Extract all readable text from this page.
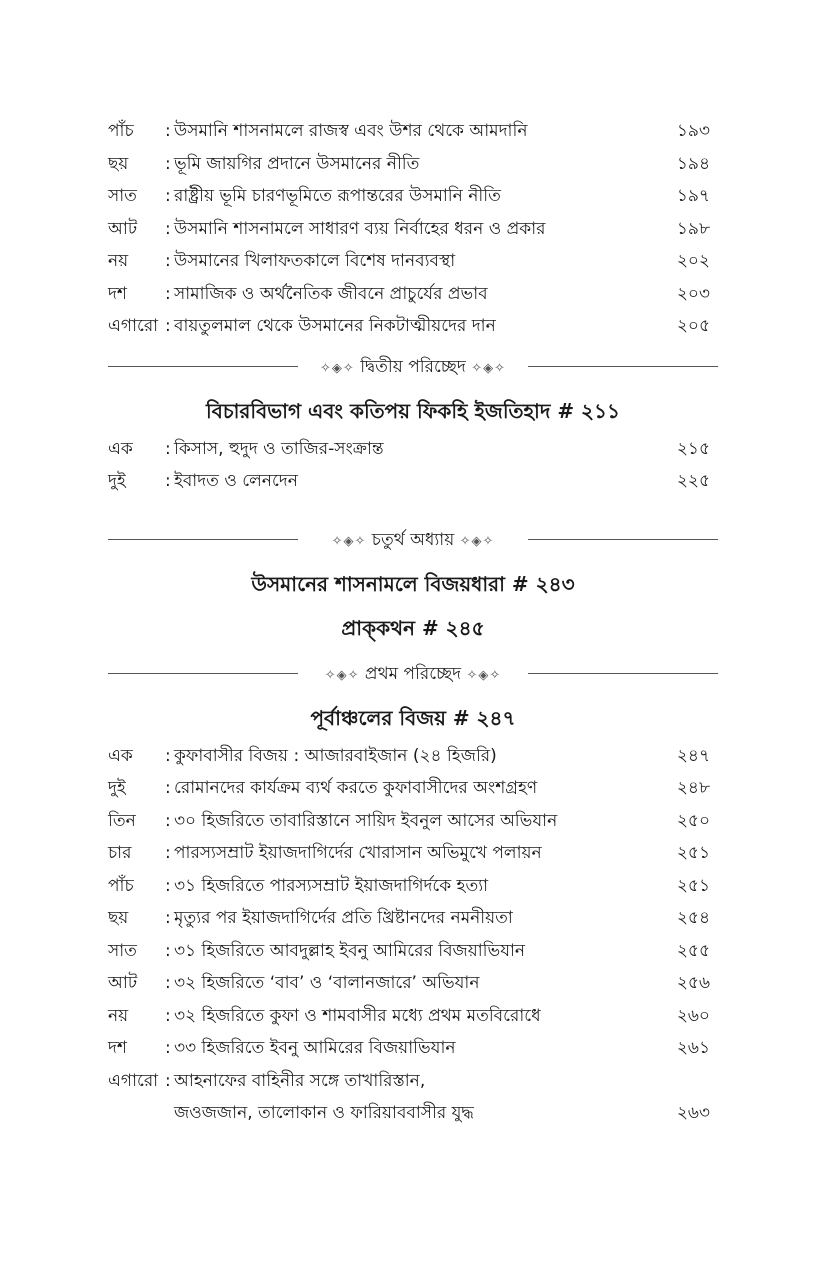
পাঁচ : উসমানি শাসনামলে রাজস্ব এবং উশর থেকে আমদানি	১৯৩
ছয় : ভূমি জায়গির প্রদানে উসমানের নীতি	১৯৪
সাত : রাষ্ট্রীয় ভূমি চারণভূমিতে রূপান্তরের উসমানি নীতি	১৯৭
আট : উসমানি শাসনামলে সাধারণ ব্যয় নির্বাহের ধরন ও প্রকার	১৯৮
নয় : উসমানের খিলাফতকালে বিশেষ দানব্যবস্থা	২০২
দশ : সামাজিক ও অর্থনৈতিক জীবনে প্রাচুর্যের প্রভাব	২০৩
এগারো : বায়তুলমাল থেকে উসমানের নিকটাত্মীয়দের দান	২০৫
✧◈✧ দ্বিতীয় পরিচ্ছেদ ✧◈✧
বিচারবিভাগ এবং কতিপয় ফিকহি ইজতিহাদ # ২১১
এক : কিসাস, হুদুদ ও তাজির-সংক্রান্ত	২১৫
দুই : ইবাদত ও লেনদেন	২২৫
✧◈✧ চতুর্থ অধ্যায় ✧◈✧
উসমানের শাসনামলে বিজয়ধারা # ২৪৩
প্রাক্‌কথন # ২৪৫
✧◈✧ প্রথম পরিচ্ছেদ ✧◈✧
পূর্বাঞ্চলের বিজয় # ২৪৭
এক : কুফাবাসীর বিজয় : আজারবাইজান (২৪ হিজরি)	২৪৭
দুই : রোমানদের কার্যক্রম ব্যর্থ করতে কুফাবাসীদের অংশগ্রহণ	২৪৮
তিন : ৩০ হিজরিতে তাবারিস্তানে সায়িদ ইবনুল আসের অভিযান	২৫০
চার : পারস্যসম্রাট ইয়াজদাগির্দের খোরাসান অভিমুখে পলায়ন	২৫১
পাঁচ : ৩১ হিজরিতে পারস্যসম্রাট ইয়াজদাগির্দকে হত্যা	২৫১
ছয় : মৃত্যুর পর ইয়াজদাগির্দের প্রতি খ্রিষ্টানদের নমনীয়তা	২৫৪
সাত : ৩১ হিজরিতে আবদুল্লাহ ইবনু আমিরের বিজয়াভিযান	২৫৫
আট : ৩২ হিজরিতে ‘বাব’ ও ‘বালানজারে’ অভিযান	২৫৬
নয় : ৩২ হিজরিতে কুফা ও শামবাসীর মধ্যে প্রথম মতবিরোধে	২৬০
দশ : ৩৩ হিজরিতে ইবনু আমিরের বিজয়াভিযান	২৬১
এগারো : আহনাফের বাহিনীর সঙ্গে তাখারিস্তান,
জওজজান, তালোকান ও ফারিয়াববাসীর যুদ্ধ	২৬৩
